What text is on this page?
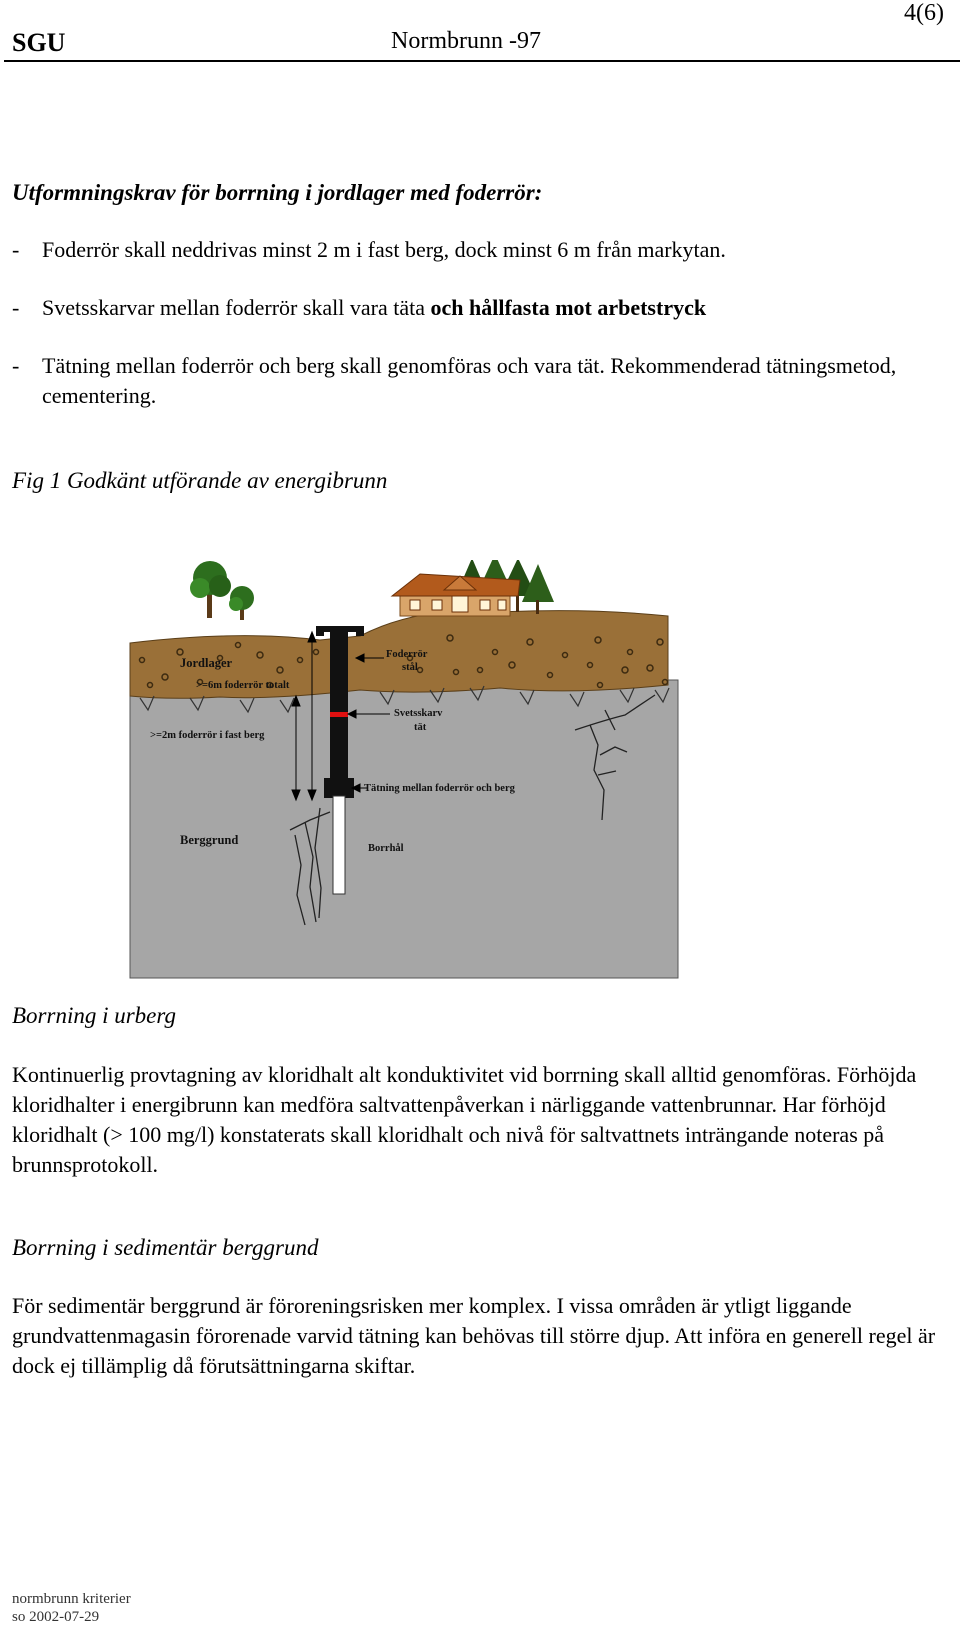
4(6)
SGU	Normbrunn -97
Utformningskrav för borrning i jordlager med foderrör:
- Foderrör skall neddrivas minst 2 m i fast berg, dock minst 6 m från markytan.
- Svetsskarvar mellan foderrör skall vara täta och hållfasta mot arbetstryck
- Tätning mellan foderrör och berg skall genomföras och vara tät. Rekommenderad tätningsmetod, cementering.
Fig 1 Godkänt utförande av energibrunn
Jordlager
>=6m foderrör totalt
Foderrör
stål
Svetsskarv
tät
>=2m foderrör i fast berg
Tätning mellan foderrör och berg
Berggrund
Borrhål
Borrning i urberg
Kontinuerlig provtagning av kloridhalt alt konduktivitet vid borrning skall alltid genomföras. Förhöjda kloridhalter i energibrunn kan medföra saltvattenpåverkan i närliggande vattenbrunnar. Har förhöjd kloridhalt (> 100 mg/l) konstaterats skall kloridhalt och nivå för saltvattnets inträngande noteras på brunnsprotokoll.
Borrning i sedimentär berggrund
För sedimentär berggrund är föroreningsrisken mer komplex. I vissa områden är ytligt liggande grundvattenmagasin förorenade varvid tätning kan behövas till större djup. Att införa en generell regel är dock ej tillämplig då förutsättningarna skiftar.
normbrunn kriterier
so 2002-07-29
